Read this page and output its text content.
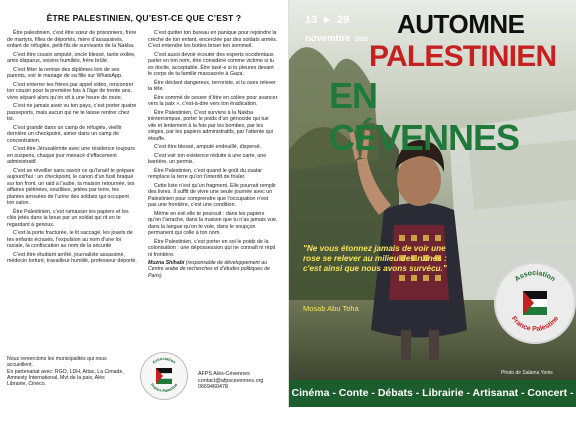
ÊTRE PALESTINIEN, QU’EST-CE QUE C’EST ?

Être palestinien, c’est être sœur de prisonniers, frère de martyrs, filles de déportés, mère d’assassinés, enfant de réfugiés, petit-fils de survivants de la Nakba.

C’est être cousin amputé, oncle blessé, tante exilée, amis disparus, voisins humiliés, frère brûlé.

C’est fêter la remise des diplômes loin de ses parents, voir le mariage de sa fille sur WhatsApp.

C’est enterrer tes frères par appel vidéo, rencontrer ton cousin pour la première fois à l’âge de trente ans, vivre séparé alors qu’on vit à une heure de route.

C’est ne jamais avoir vu ton pays, c’est porter quatre passeports, mais aucun qui ne te laisse rentrer chez toi.

C’est grandir dans un camp de réfugiés, vieillir dernière un checkpoint, aimer dans un camp de concentration.

C’est être Jérusalémite avec une résidence toujours en suspens, chaque jour menacé d’effacement administratif.

C’est se réveiller sans savoir ce qu’Israël te prépare aujourd’hui : un checkpoint, le canon d’un fusil braqué sur ton front, un raid à l’aube, ta maison retournée, tes affaires piétinées, souillées, jetées par terre, tes plantes arrosées de l’urine des soldats qui occupent ton salon.

Être Palestinien, c’est ramasser les papiers et les clés jetés dans la boue par un soldat qui rit en te regardant à genoux.

C’est la porte fracturée, le lit saccagé, les jouets de tes enfants écrasés, l’expulsion au nom d’une loi raciale, la confiscation au nom de la sécurité

C’est être étudiant arrêté, journaliste assassiné, médecin torturé, travailleur humilié, professeur déporté.

C’est quitter ton bureau en panique pour rejoindre la crèche de ton enfant, encerclée par des soldats armés. C’est entendre les bottes briser ton sommeil.

C’est aussi devoir écouter des experts occidentaux parler en ton nom, être considéré comme victime si tu es docile, acceptable. Être taxé·e si tu pleures devant le corps de ta famille massacrée à Gaza.

Être déclaré dangereux, terroriste, si tu oses relever la tête.

Être sommé de cesser d’être en colère pour avancer vers la paix », c’est-à-dire vers ton éradication.

Être Palestinien, C’est survivre à la Nakba ininterrompue, porter le poids d’un génocide qui tue vite et lentement à la fois par les bombes, par les sièges, par les papiers administratifs, par l’attente qui étouffe.

C’est être blessé, amputé endeuillé, dispersé.

C’est voir ton existence réduite à une carte, une barrière, un permis.

Être Palestinien, c’est quand le goût du zaatar remplace la terre qu’on t’interdit de fouler.

Cette liste n’est qu’un fragment. Elle pourrait remplir des livres. Il suffit de vivre une seule journée avec un Palestinien pour comprendre que l’occupation n’est pas une frontière, c’est une condition.

Même en exil elle te poursuit : dans les papiers qu’on t’arrache, dans la maison que tu n’as jamais vue, dans la langue qu’on te vole, dans le soupçon permanent qui colle à ton nom.

Être Palestinien, c’est porter en soi le poids de la colonisation : une dépossession qui ne connaît ni répit ni frontière.

Muzna Shihabi (responsable de développement au Centre arabe de recherches et d’études politiques de Paris)
Nous remercions les municipalités qui nous accueillent.
En partenariat avec: RGO, LDH, Attac, La Cimade, Amnesty International, Mvt de la paix, Alès Librairie, Cinéco.
Association
France Palestine
AFPS Alès-Cévennes
contact@afpscevennes.org
0669460478
13 ► 29
novembre 2025
AUTOMNE
PALESTINIEN
EN CÉVENNES
"Ne vous étonnez jamais de voir une rose se relever au milieu des ruines : c'est ainsi que nous avons survécu."
Mosab Abu Toha
Association
France Palestine
Photo de Salama Yonis
Cinéma - Conte - Débats - Librairie - Artisanat - Concert - Repas
